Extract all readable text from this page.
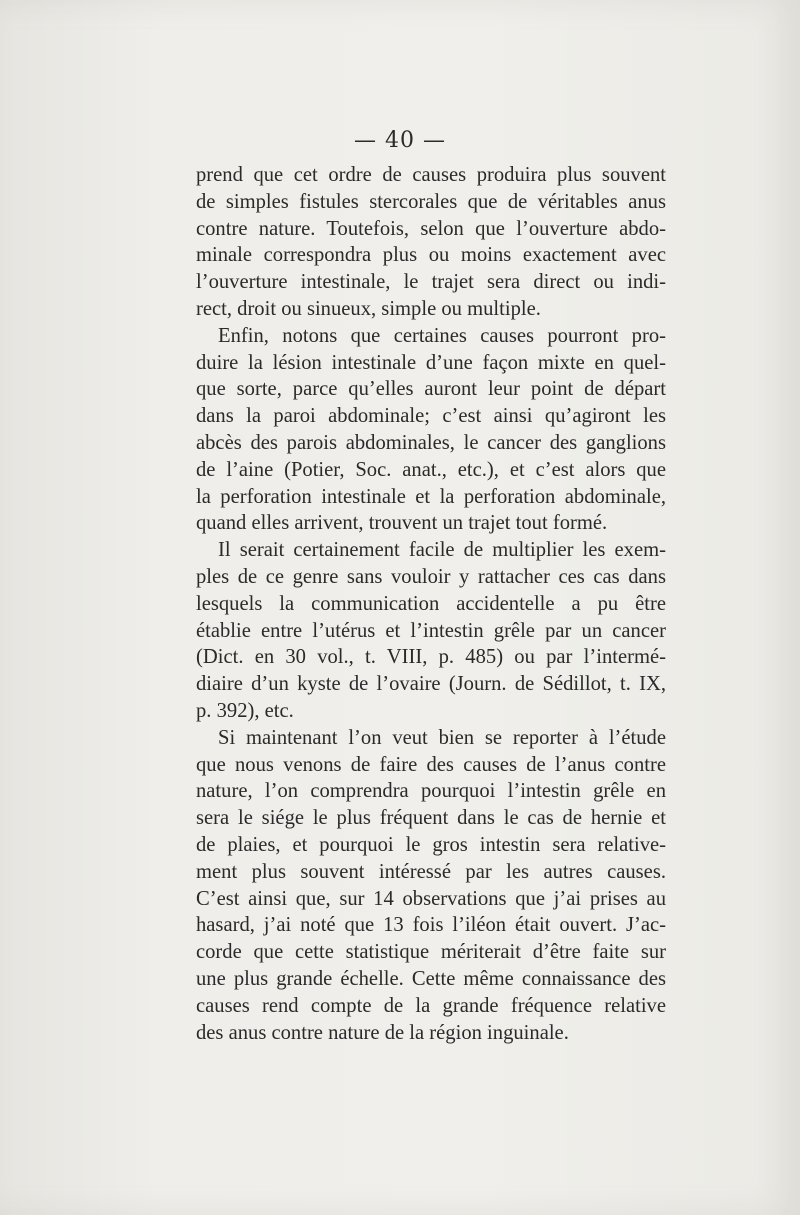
— 40 —
prend que cet ordre de causes produira plus souvent
de simples fistules stercorales que de véritables anus
contre nature. Toutefois, selon que l’ouverture abdo-
minale correspondra plus ou moins exactement avec
l’ouverture intestinale, le trajet sera direct ou indi-
rect, droit ou sinueux, simple ou multiple.
Enfin, notons que certaines causes pourront pro-
duire la lésion intestinale d’une façon mixte en quel-
que sorte, parce qu’elles auront leur point de départ
dans la paroi abdominale; c’est ainsi qu’agiront les
abcès des parois abdominales, le cancer des ganglions
de l’aine (Potier, Soc. anat., etc.), et c’est alors que
la perforation intestinale et la perforation abdominale,
quand elles arrivent, trouvent un trajet tout formé.
Il serait certainement facile de multiplier les exem-
ples de ce genre sans vouloir y rattacher ces cas dans
lesquels la communication accidentelle a pu être
établie entre l’utérus et l’intestin grêle par un cancer
(Dict. en 30 vol., t. VIII, p. 485) ou par l’intermé-
diaire d’un kyste de l’ovaire (Journ. de Sédillot, t. IX,
p. 392), etc.
Si maintenant l’on veut bien se reporter à l’étude
que nous venons de faire des causes de l’anus contre
nature, l’on comprendra pourquoi l’intestin grêle en
sera le siége le plus fréquent dans le cas de hernie et
de plaies, et pourquoi le gros intestin sera relative-
ment plus souvent intéressé par les autres causes.
C’est ainsi que, sur 14 observations que j’ai prises au
hasard, j’ai noté que 13 fois l’iléon était ouvert. J’ac-
corde que cette statistique mériterait d’être faite sur
une plus grande échelle. Cette même connaissance des
causes rend compte de la grande fréquence relative
des anus contre nature de la région inguinale.
